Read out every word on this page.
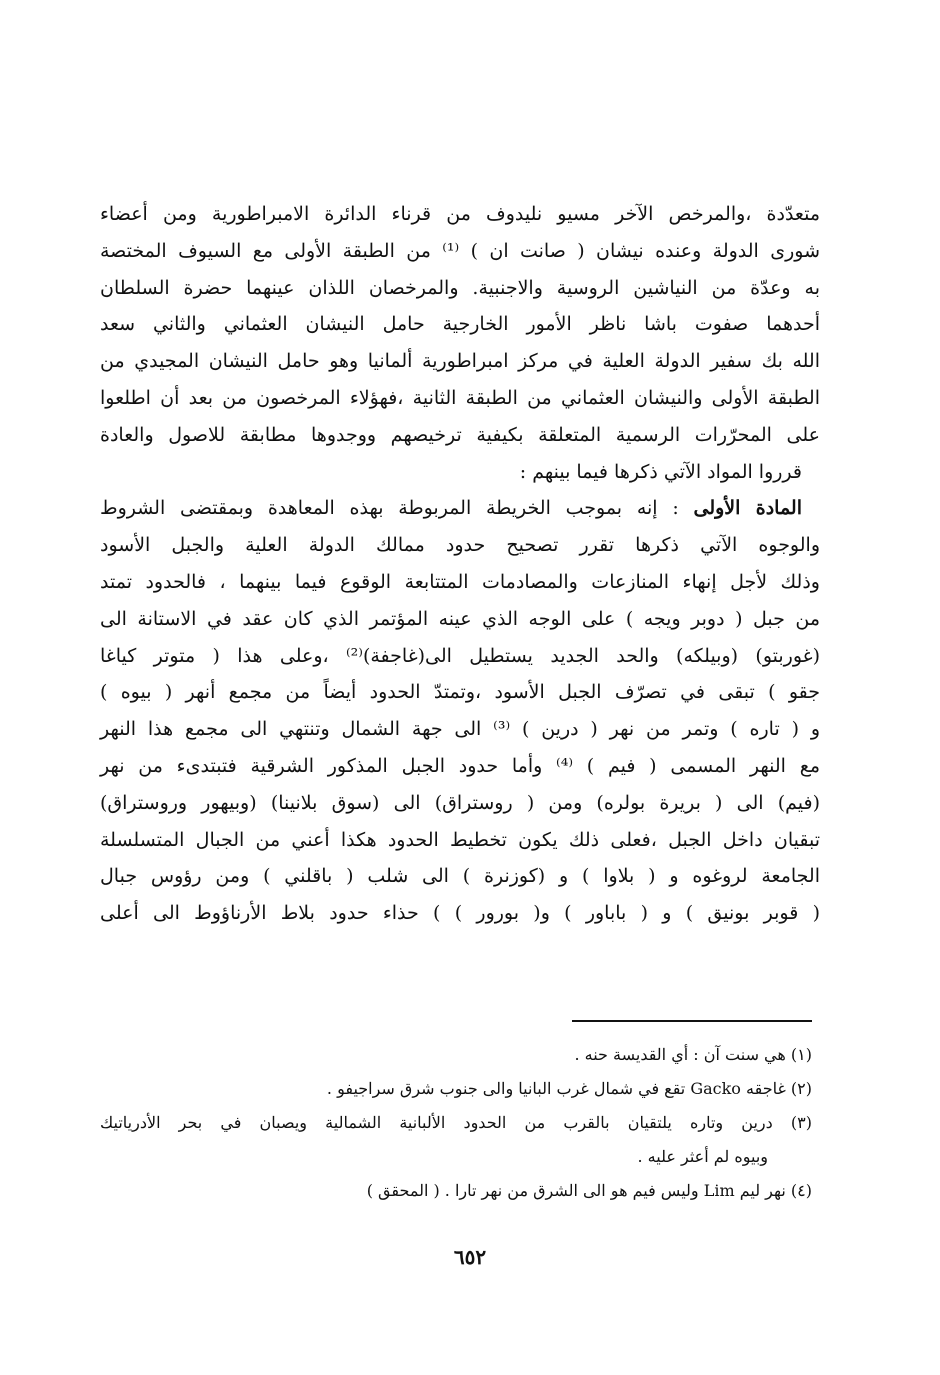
متعدّدة ،والمرخص الآخر مسيو نليدوف من قرناء الدائرة الامبراطورية ومن أعضاء
شورى الدولة وعنده نيشان ( صانت ان ) ⁽¹⁾ من الطبقة الأولى مع السيوف المختصة
به وعدّة من النياشين الروسية والاجنبية. والمرخصان اللذان عينهما حضرة السلطان
أحدهما صفوت باشا ناظر الأمور الخارجية حامل النيشان العثماني والثاني سعد
الله بك سفير الدولة العلية في مركز امبراطورية ألمانيا وهو حامل النيشان المجيدي من
الطبقة الأولى والنيشان العثماني من الطبقة الثانية ،فهؤلاء المرخصون من بعد أن اطلعوا
على المحرّرات الرسمية المتعلقة بكيفية ترخيصهم ووجدوها مطابقة للاصول والعادة
قرروا المواد الآتي ذكرها فيما بينهم :
المادة الأولى : إنه بموجب الخريطة المربوطة بهذه المعاهدة وبمقتضى الشروط
والوجوه الآتي ذكرها تقرر تصحيح حدود ممالك الدولة العلية والجبل الأسود
وذلك لأجل إنهاء المنازعات والمصادمات المتتابعة الوقوع فيما بينهما ، فالحدود تمتد
من جبل ( دوبر ويجه ) على الوجه الذي عينه المؤتمر الذي كان عقد في الاستانة الى
(غوربتو) (وبيلكه) والحد الجديد يستطيل الى(غاجفة)⁽²⁾ ،وعلى هذا ( متوتر كياغا
جقو ) تبقى في تصرّف الجبل الأسود ،وتمتدّ الحدود أيضاً من مجمع أنهر ( بيوه )
و ( تاره ) وتمر من نهر ( درين ) ⁽³⁾ الى جهة الشمال وتنتهي الى مجمع هذا النهر
مع النهر المسمى ( فيم ) ⁽⁴⁾ وأما حدود الجبل المذكور الشرقية فتبتدىء من نهر
(فيم) الى ( بريرة بولره) ومن ( روستراق) الى (سوق بلانينا) (وبيهور وروستراق)
تبقيان داخل الجبل ،فعلى ذلك يكون تخطيط الحدود هكذا أعني من الجبال المتسلسلة
الجامعة لروغوه و ( بلاوا ) و (كوزنرة ) الى شلب ( باقلني ) ومن رؤوس جبال
( قوبر بونيق ) و ( باباور ) و( بورور ) ) حذاء حدود بلاط الأرناؤوط الى أعلى
(١) هي سنت آن : أي القديسة حنه .
(٢) غاجقه Gacko تقع في شمال غرب البانيا والى جنوب شرق سراجيفو .
(٣) درين وتاره يلتقيان بالقرب من الحدود الألبانية الشمالية ويصبان في بحر الأدرياتيك
وبيوه لم أعثر عليه .
(٤) نهر ليم Lim وليس فيم هو الى الشرق من نهر تارا . ( المحقق )
٦٥٢
